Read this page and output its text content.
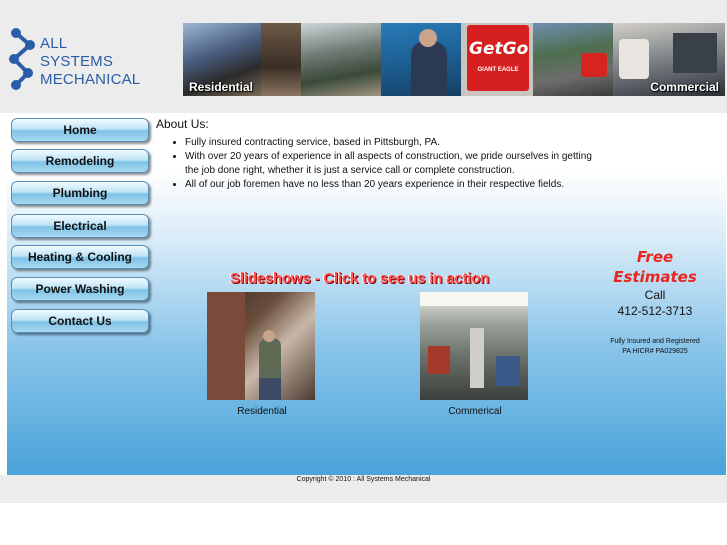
ALL
SYSTEMS
MECHANICAL
GetGo
GIANT EAGLE
Residential	Commercial
Home
Remodeling
Plumbing
Electrical
Heating & Cooling
Power Washing
Contact Us
About Us:
• Fully insured contracting service, based in Pittsburgh, PA.
• With over 20 years of experience in all aspects of construction, we pride ourselves in getting the job done right, whether it is just a service call or complete construction.
• All of our job foremen have no less than 20 years experience in their respective fields.
Slideshows - Click to see us in action
Residential	Commerical
Free
Estimates
Call
412-512-3713
Fully Insured and Registered
PA HICR# PA029825
Copyright © 2010 : All Systems Mechanical
